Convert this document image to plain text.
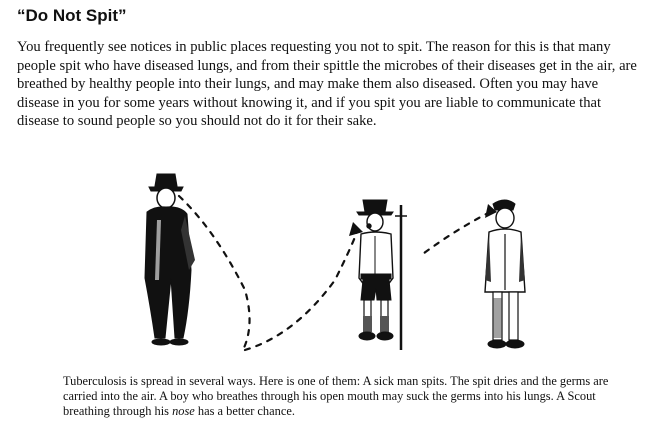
“Do Not Spit”

You frequently see notices in public places requesting you not to spit. The reason for this is that many people spit who have diseased lungs, and from their spittle the microbes of their diseases get in the air, are breathed by healthy people into their lungs, and may make them also diseased. Often you may have disease in you for some years without knowing it, and if you spit you are liable to communicate that disease to sound people so you should not do it for their sake.

Tuberculosis is spread in several ways. Here is one of them: A sick man spits. The spit dries and the germs are carried into the air. A boy who breathes through his open mouth may suck the germs into his lungs. A Scout breathing through his nose has a better chance.
